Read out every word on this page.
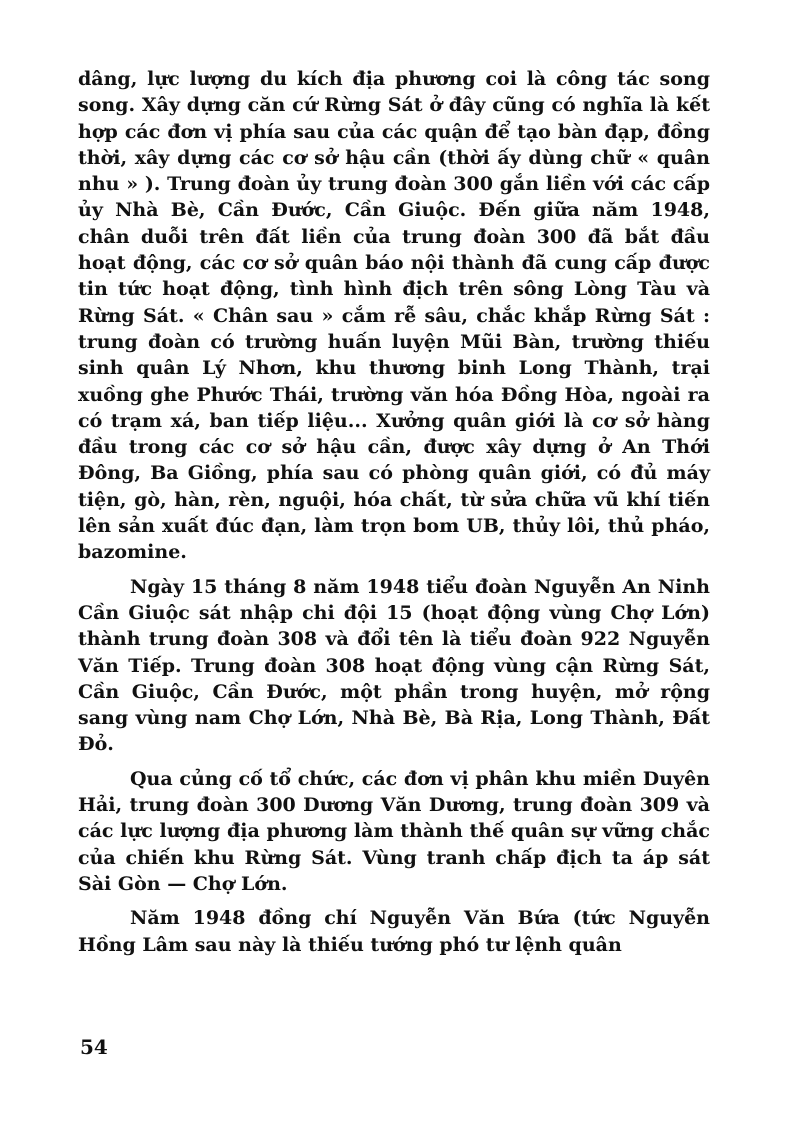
dâng, lực lượng du kích địa phương coi là công tác song song. Xây dựng căn cứ Rừng Sát ở đây cũng có nghĩa là kết hợp các đơn vị phía sau của các quận để tạo bàn đạp, đồng thời, xây dựng các cơ sở hậu cần (thời ấy dùng chữ « quân nhu » ). Trung đoàn ủy trung đoàn 300 gắn liền với các cấp ủy Nhà Bè, Cần Đước, Cần Giuộc. Đến giữa năm 1948, chân duỗi trên đất liền của trung đoàn 300 đã bắt đầu hoạt động, các cơ sở quân báo nội thành đã cung cấp được tin tức hoạt động, tình hình địch trên sông Lòng Tàu và Rừng Sát. « Chân sau » cắm rễ sâu, chắc khắp Rừng Sát : trung đoàn có trường huấn luyện Mũi Bàn, trường thiếu sinh quân Lý Nhơn, khu thương binh Long Thành, trại xuồng ghe Phước Thái, trường văn hóa Đồng Hòa, ngoài ra có trạm xá, ban tiếp liệu... Xưởng quân giới là cơ sở hàng đầu trong các cơ sở hậu cần, được xây dựng ở An Thới Đông, Ba Giồng, phía sau có phòng quân giới, có đủ máy tiện, gò, hàn, rèn, nguội, hóa chất, từ sửa chữa vũ khí tiến lên sản xuất đúc đạn, làm trọn bom UB, thủy lôi, thủ pháo, bazomine.

Ngày 15 tháng 8 năm 1948 tiểu đoàn Nguyễn An Ninh Cần Giuộc sát nhập chi đội 15 (hoạt động vùng Chợ Lớn) thành trung đoàn 308 và đổi tên là tiểu đoàn 922 Nguyễn Văn Tiếp. Trung đoàn 308 hoạt động vùng cận Rừng Sát, Cần Giuộc, Cần Đước, một phần trong huyện, mở rộng sang vùng nam Chợ Lớn, Nhà Bè, Bà Rịa, Long Thành, Đất Đỏ.

Qua củng cố tổ chức, các đơn vị phân khu miền Duyên Hải, trung đoàn 300 Dương Văn Dương, trung đoàn 309 và các lực lượng địa phương làm thành thế quân sự vững chắc của chiến khu Rừng Sát. Vùng tranh chấp địch ta áp sát Sài Gòn — Chợ Lớn.

Năm 1948 đồng chí Nguyễn Văn Bứa (tức Nguyễn Hồng Lâm sau này là thiếu tướng phó tư lệnh quân

54
